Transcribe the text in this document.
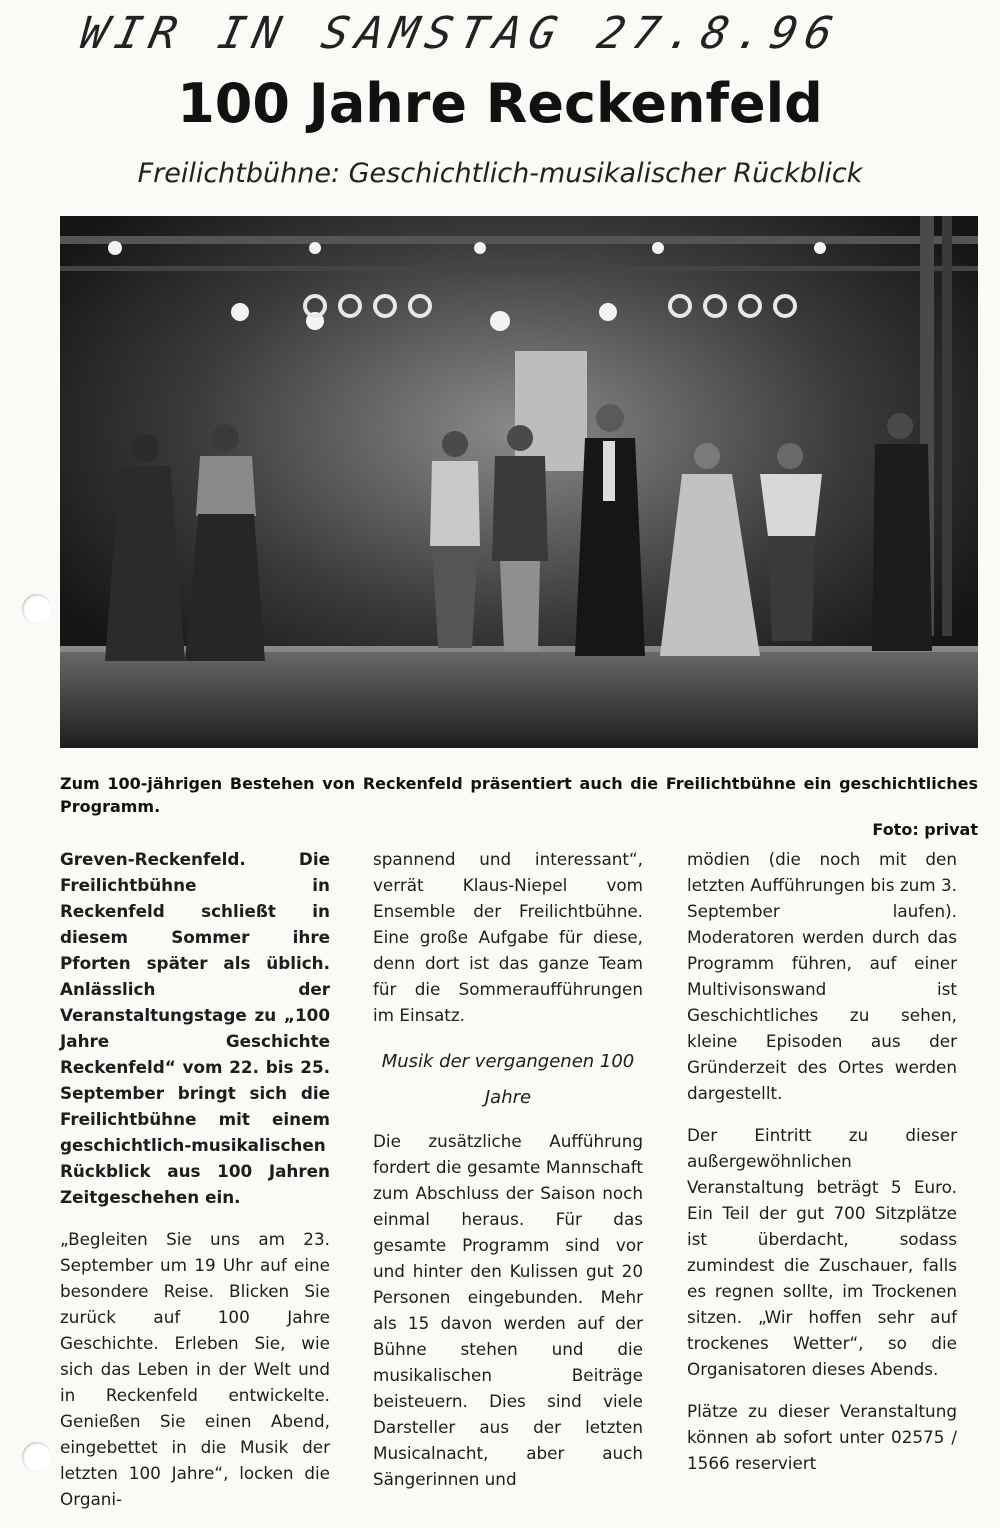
WIR IN SAMSTAG 27.8.96
100 Jahre Reckenfeld
Freilichtbühne: Geschichtlich-musikalischer Rückblick
Zum 100-jährigen Bestehen von Reckenfeld präsentiert auch die Freilichtbühne ein geschichtliches Programm.
Foto: privat

Greven-Reckenfeld. Die Freilichtbühne in Reckenfeld schließt in diesem Sommer ihre Pforten später als üblich. Anlässlich der Veranstaltungstage zu „100 Jahre Geschichte Reckenfeld“ vom 22. bis 25. September bringt sich die Freilichtbühne mit einem geschichtlich-musikalischen Rückblick aus 100 Jahren Zeitgeschehen ein.

„Begleiten Sie uns am 23. September um 19 Uhr auf eine besondere Reise. Blicken Sie zurück auf 100 Jahre Geschichte. Erleben Sie, wie sich das Leben in der Welt und in Reckenfeld entwickelte. Genießen Sie einen Abend, eingebettet in die Musik der letzten 100 Jahre“, locken die Organi-

spannend und interessant“, verrät Klaus-Niepel vom Ensemble der Freilichtbühne. Eine große Aufgabe für diese, denn dort ist das ganze Team für die Sommeraufführungen im Einsatz.

Musik der vergangenen 100 Jahre

Die zusätzliche Aufführung fordert die gesamte Mannschaft zum Abschluss der Saison noch einmal heraus. Für das gesamte Programm sind vor und hinter den Kulissen gut 20 Personen eingebunden. Mehr als 15 davon werden auf der Bühne stehen und die musikalischen Beiträge beisteuern. Dies sind viele Darsteller aus der letzten Musicalnacht, aber auch Sängerinnen und

mödien (die noch mit den letzten Aufführungen bis zum 3. September laufen). Moderatoren werden durch das Programm führen, auf einer Multivisonswand ist Geschichtliches zu sehen, kleine Episoden aus der Gründerzeit des Ortes werden dargestellt.

Der Eintritt zu dieser außergewöhnlichen Veranstaltung beträgt 5 Euro. Ein Teil der gut 700 Sitzplätze ist überdacht, sodass zumindest die Zuschauer, falls es regnen sollte, im Trockenen sitzen. „Wir hoffen sehr auf trockenes Wetter“, so die Organisatoren dieses Abends.

Plätze zu dieser Veranstaltung können ab sofort unter 02575 / 1566 reserviert
